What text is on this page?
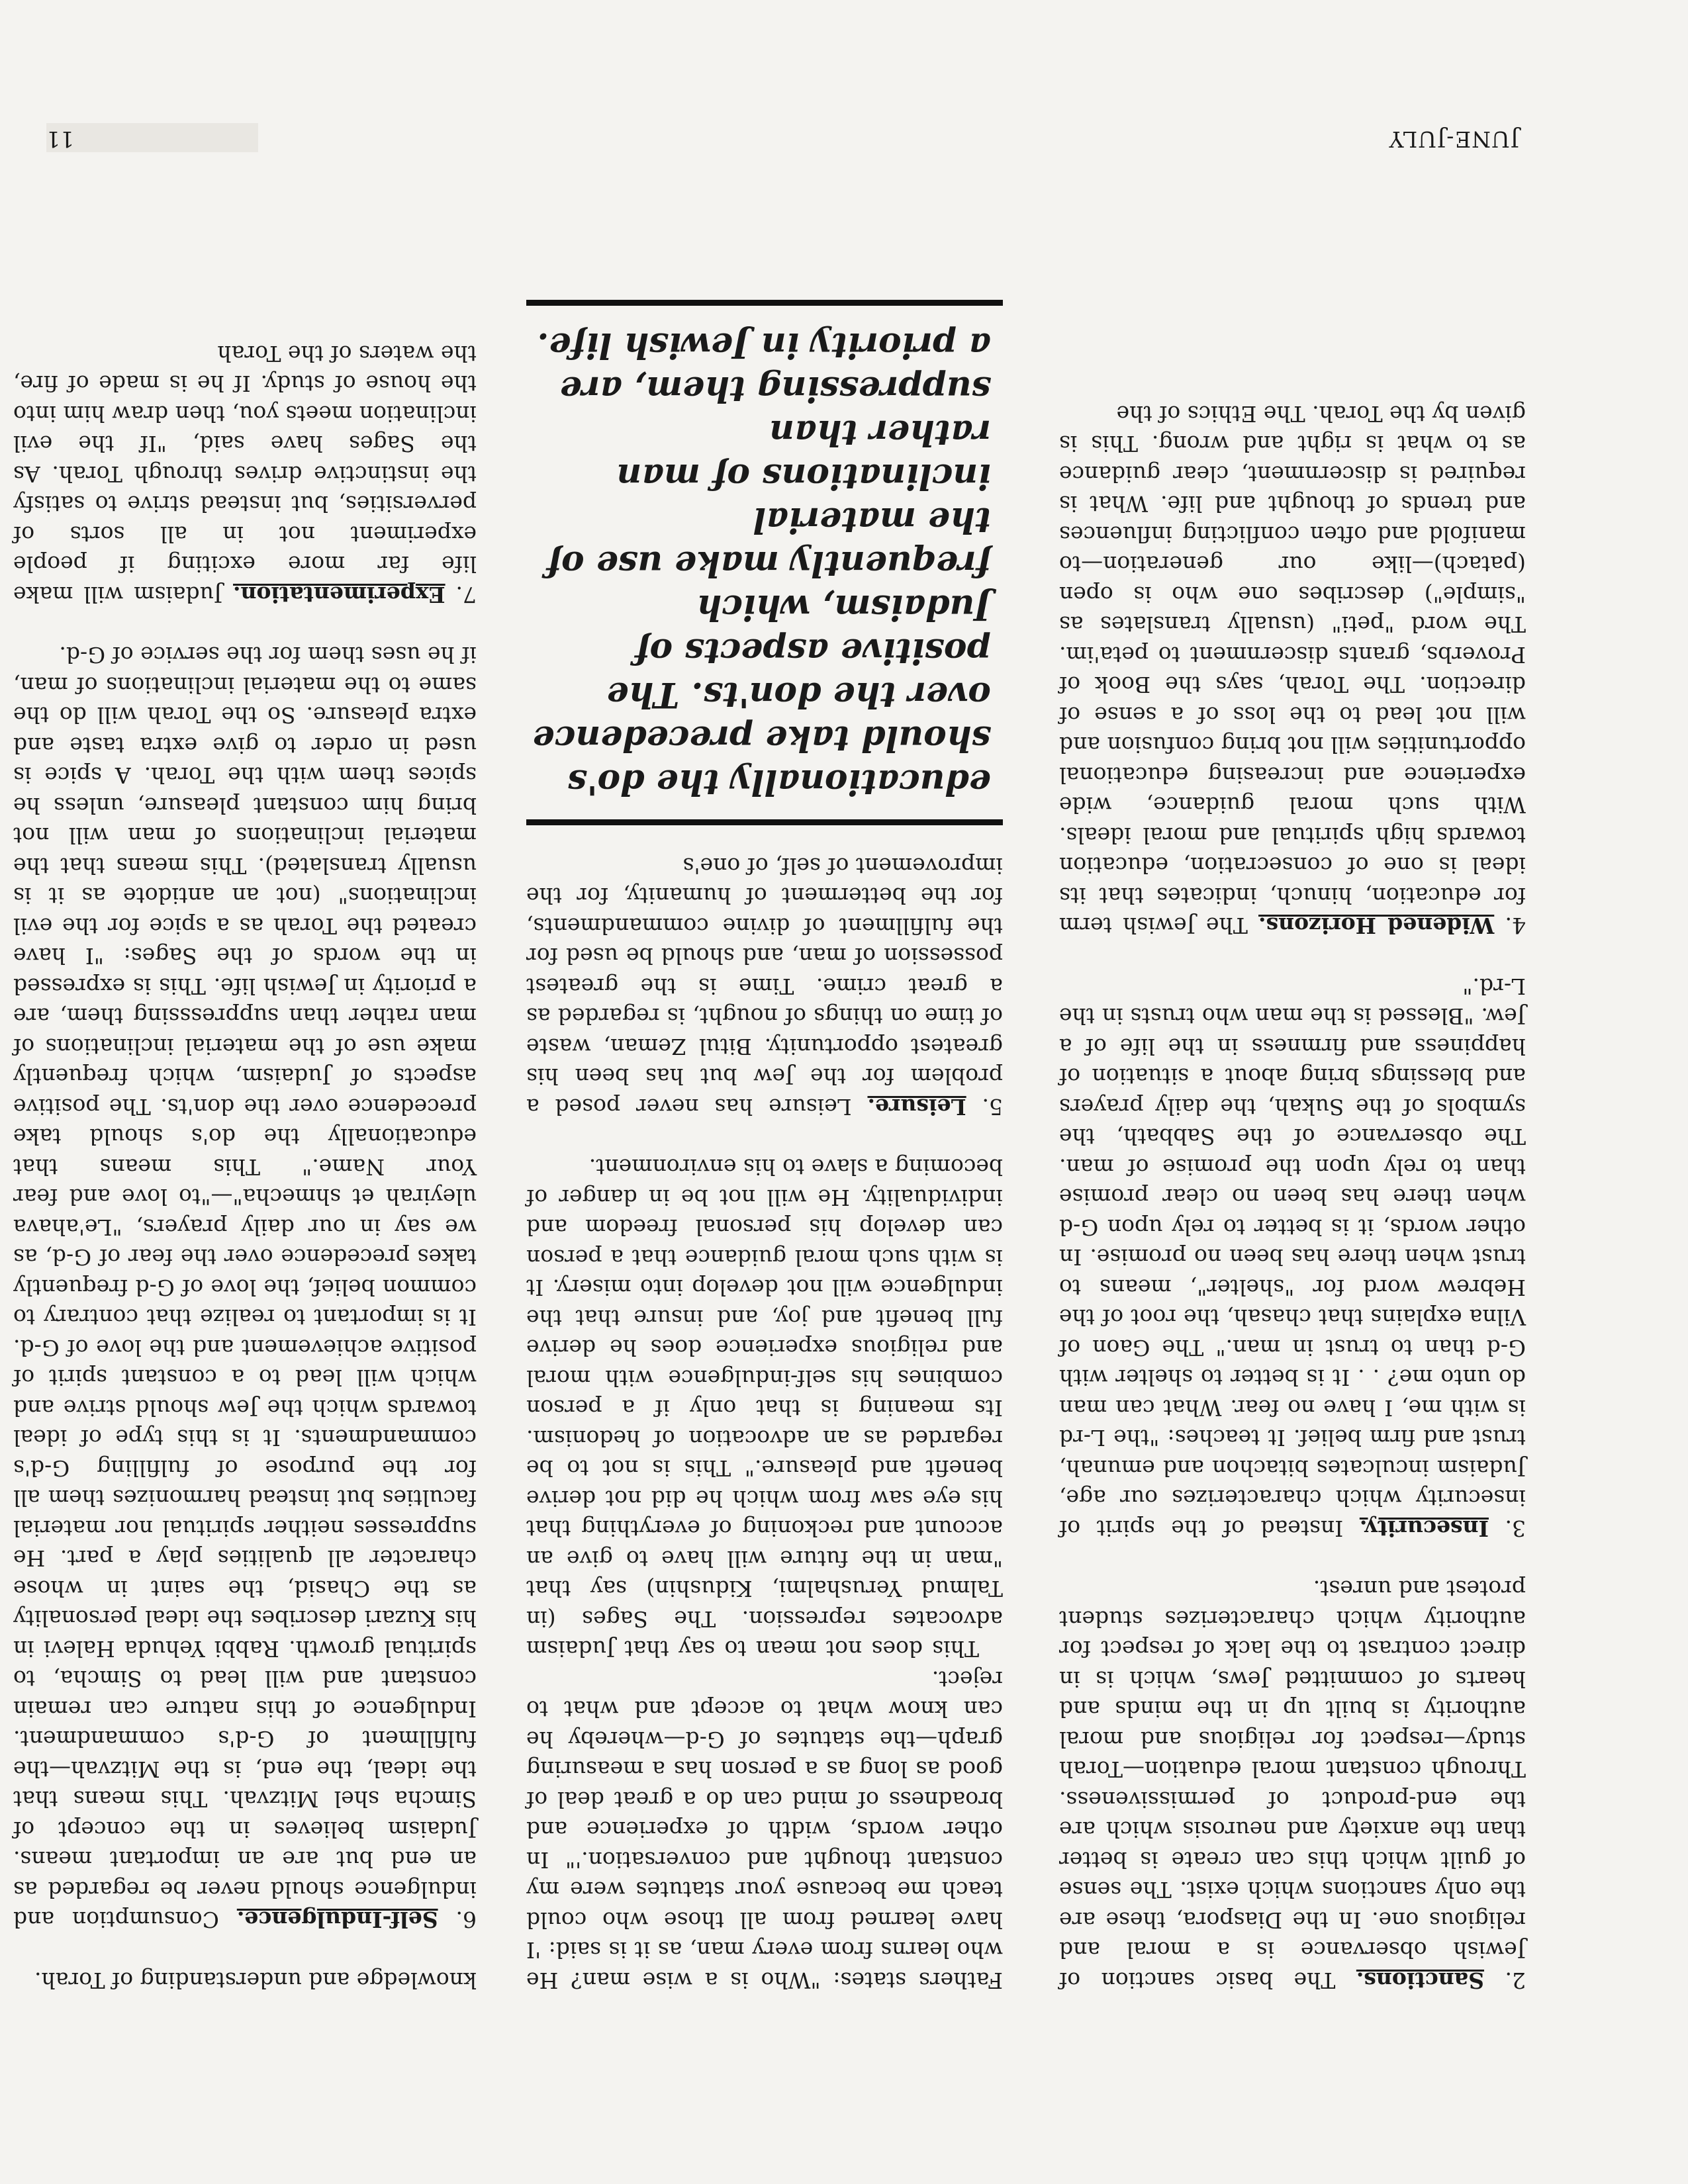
2. Sanctions. The basic sanction of Jewish observance is a moral and religious one. In the Diaspora, these are the only sanctions which exist. The sense of guilt which this can create is better than the anxiety and neurosis which are the end-product of permissiveness. Through constant moral eduation—Torah study—respect for religious and moral authority is built up in the minds and hearts of committed Jews, which is in direct contrast to the lack of respect for authority which characterizes student protest and unrest.

3. Insecurity. Instead of the spirit of insecurity which characterizes our age, Judaism inculcates bitachon and emunah, trust and firm belief. It teaches: "the L-rd is with me, I have no fear. What can man do unto me? . . It is better to shelter with G-d than to trust in man." The Gaon of Vilna explains that chasah, the root of the Hebrew word for "shelter", means to trust when there has been no promise. In other words, it is better to rely upon G-d when there has been no clear promise than to rely upon the promise of man. The observance of the Sabbath, the symbols of the Sukah, the daily prayers and blessings bring about a situation of happiness and firmness in the life of a Jew. "Blessed is the man who trusts in the L-rd."

4. Widened Horizons. The Jewish term for education, hinuch, indicates that its ideal is one of consecration, education towards high spiritual and moral ideals. With such moral guidance, wide experience and increasing educational opportunities will not bring confusion and will not lead to the loss of a sense of direction. The Torah, says the Book of Proverbs, grants discernment to peta'im. The word "peti" (usually translates as "simple") describes one who is open (patach)—like our generation—to manifold and often conflicting influences and trends of thought and life. What is required is discernment, clear guidance as to what is right and wrong. This is given by the Torah. The Ethics of the

Fathers states: "Who is a wise man? He who learns from every man, as it is said: 'I have learned from all those who could teach me because your statutes were my constant thought and conversation.'" In other words, width of experience and broadness of mind can do a great deal of good as long as a person has a measuring graph—the statutes of G-d—whereby he can know what to accept and what to reject.

This does not mean to say that Judaism advocates repression. The Sages (in Talmud Yerushalmi, Kidushin) say that "man in the future will have to give an account and reckoning of everything that his eye saw from which he did not derive benefit and pleasure." This is not to be regarded as an advocation of hedonism. Its meaning is that only if a person combines his self-indulgence with moral and religious experience does he derive full benefit and joy, and insure that the indulgence will not develop into misery. It is with such moral guidance that a person can develop his personal freedom and individuality. He will not be in danger of becoming a slave to his environment.

5. Leisure. Leisure has never posed a problem for the Jew but has been his greatest opportunity. Bitul Zeman, waste of time on things of nought, is regarded as a great crime. Time is the greatest possession of man, and should be used for the fulfillment of divine commandments, for the betterment of humanity, for the improvement of self, of one's

educationally the do's should take precedence over the don'ts. The positive aspects of Judaism, which frequently make use of the material inclinations of man rather than suppressing them, are a priority in Jewish life.

knowledge and understanding of Torah.

6. Self-Indulgence. Consumption and indulgence should never be regarded as an end but are an important means. Judaism believes in the concept of Simcha shel Mitzvah. This means that the ideal, the end, is the Mitzvah—the fulfillment of G-d's commandment. Indulgence of this nature can remain constant and will lead to Simcha, to spiritual growth. Rabbi Yehuda Halevi in his Kuzari describes the ideal personality as the Chasid, the saint in whose character all qualities play a part. He suppresses neither spiritual nor material faculties but instead harmonizes them all for the purpose of fulfilling G-d's commandments. It is this type of ideal towards which the Jew should strive and which will lead to a constant spirit of positive achievement and the love of G-d. It is important to realize that contrary to common belief, the love of G-d frequently takes precedence over the fear of G-d, as we say in our daily prayers, "Le'ahava uleyirah et shmecha"—"to love and fear Your Name." This means that educationally the do's should take precedence over the don'ts. The positive aspects of Judaism, which frequently make use of the material inclinations of man rather than suppresssing them, are a priority in Jewish life. This is expressed in the words of the Sages: "I have created the Torah as a spice for the evil inclinations" (not an antidote as it is usually translated). This means that the material inclinations of man will not bring him constant pleasure, unless he spices them with the Torah. A spice is used in order to give extra taste and extra pleasure. So the Torah will do the same to the material inclinations of man, if he uses them for the service of G-d.

7. Experimentation. Judaism will make life far more exciting if people experiment not in all sorts of perversities, but instead strive to satisfy the instinctive drives through Torah. As the Sages have said, "If the evil inclination meets you, then draw him into the house of study. If he is made of fire, the waters of the Torah

JUNE-JULY
11
